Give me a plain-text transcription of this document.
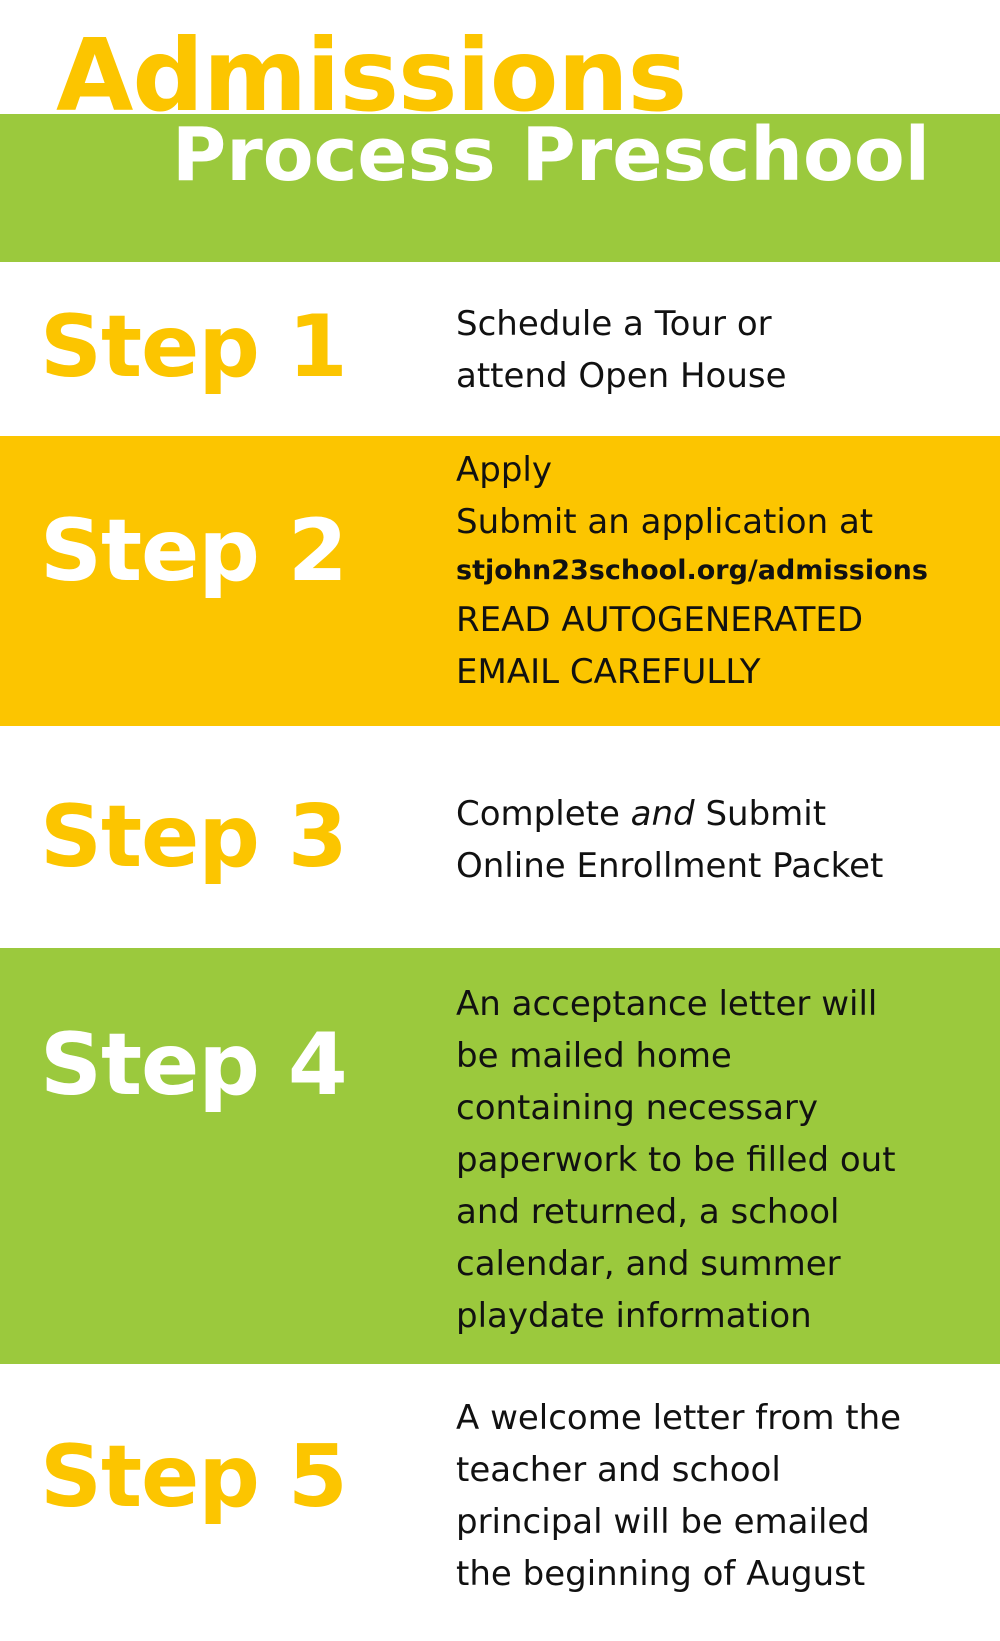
Admissions
Process Preschool
Step 1	Schedule a Tour or
attend Open House
Step 2
Apply
Submit an application at
stjohn23school.org/admissions
READ AUTOGENERATED
EMAIL CAREFULLY
Step 3	Complete and Submit
Online Enrollment Packet
Step 4
An acceptance letter will
be mailed home
containing necessary
paperwork to be filled out
and returned, a school
calendar, and summer
playdate information
Step 5
A welcome letter from the
teacher and school
principal will be emailed
the beginning of August
